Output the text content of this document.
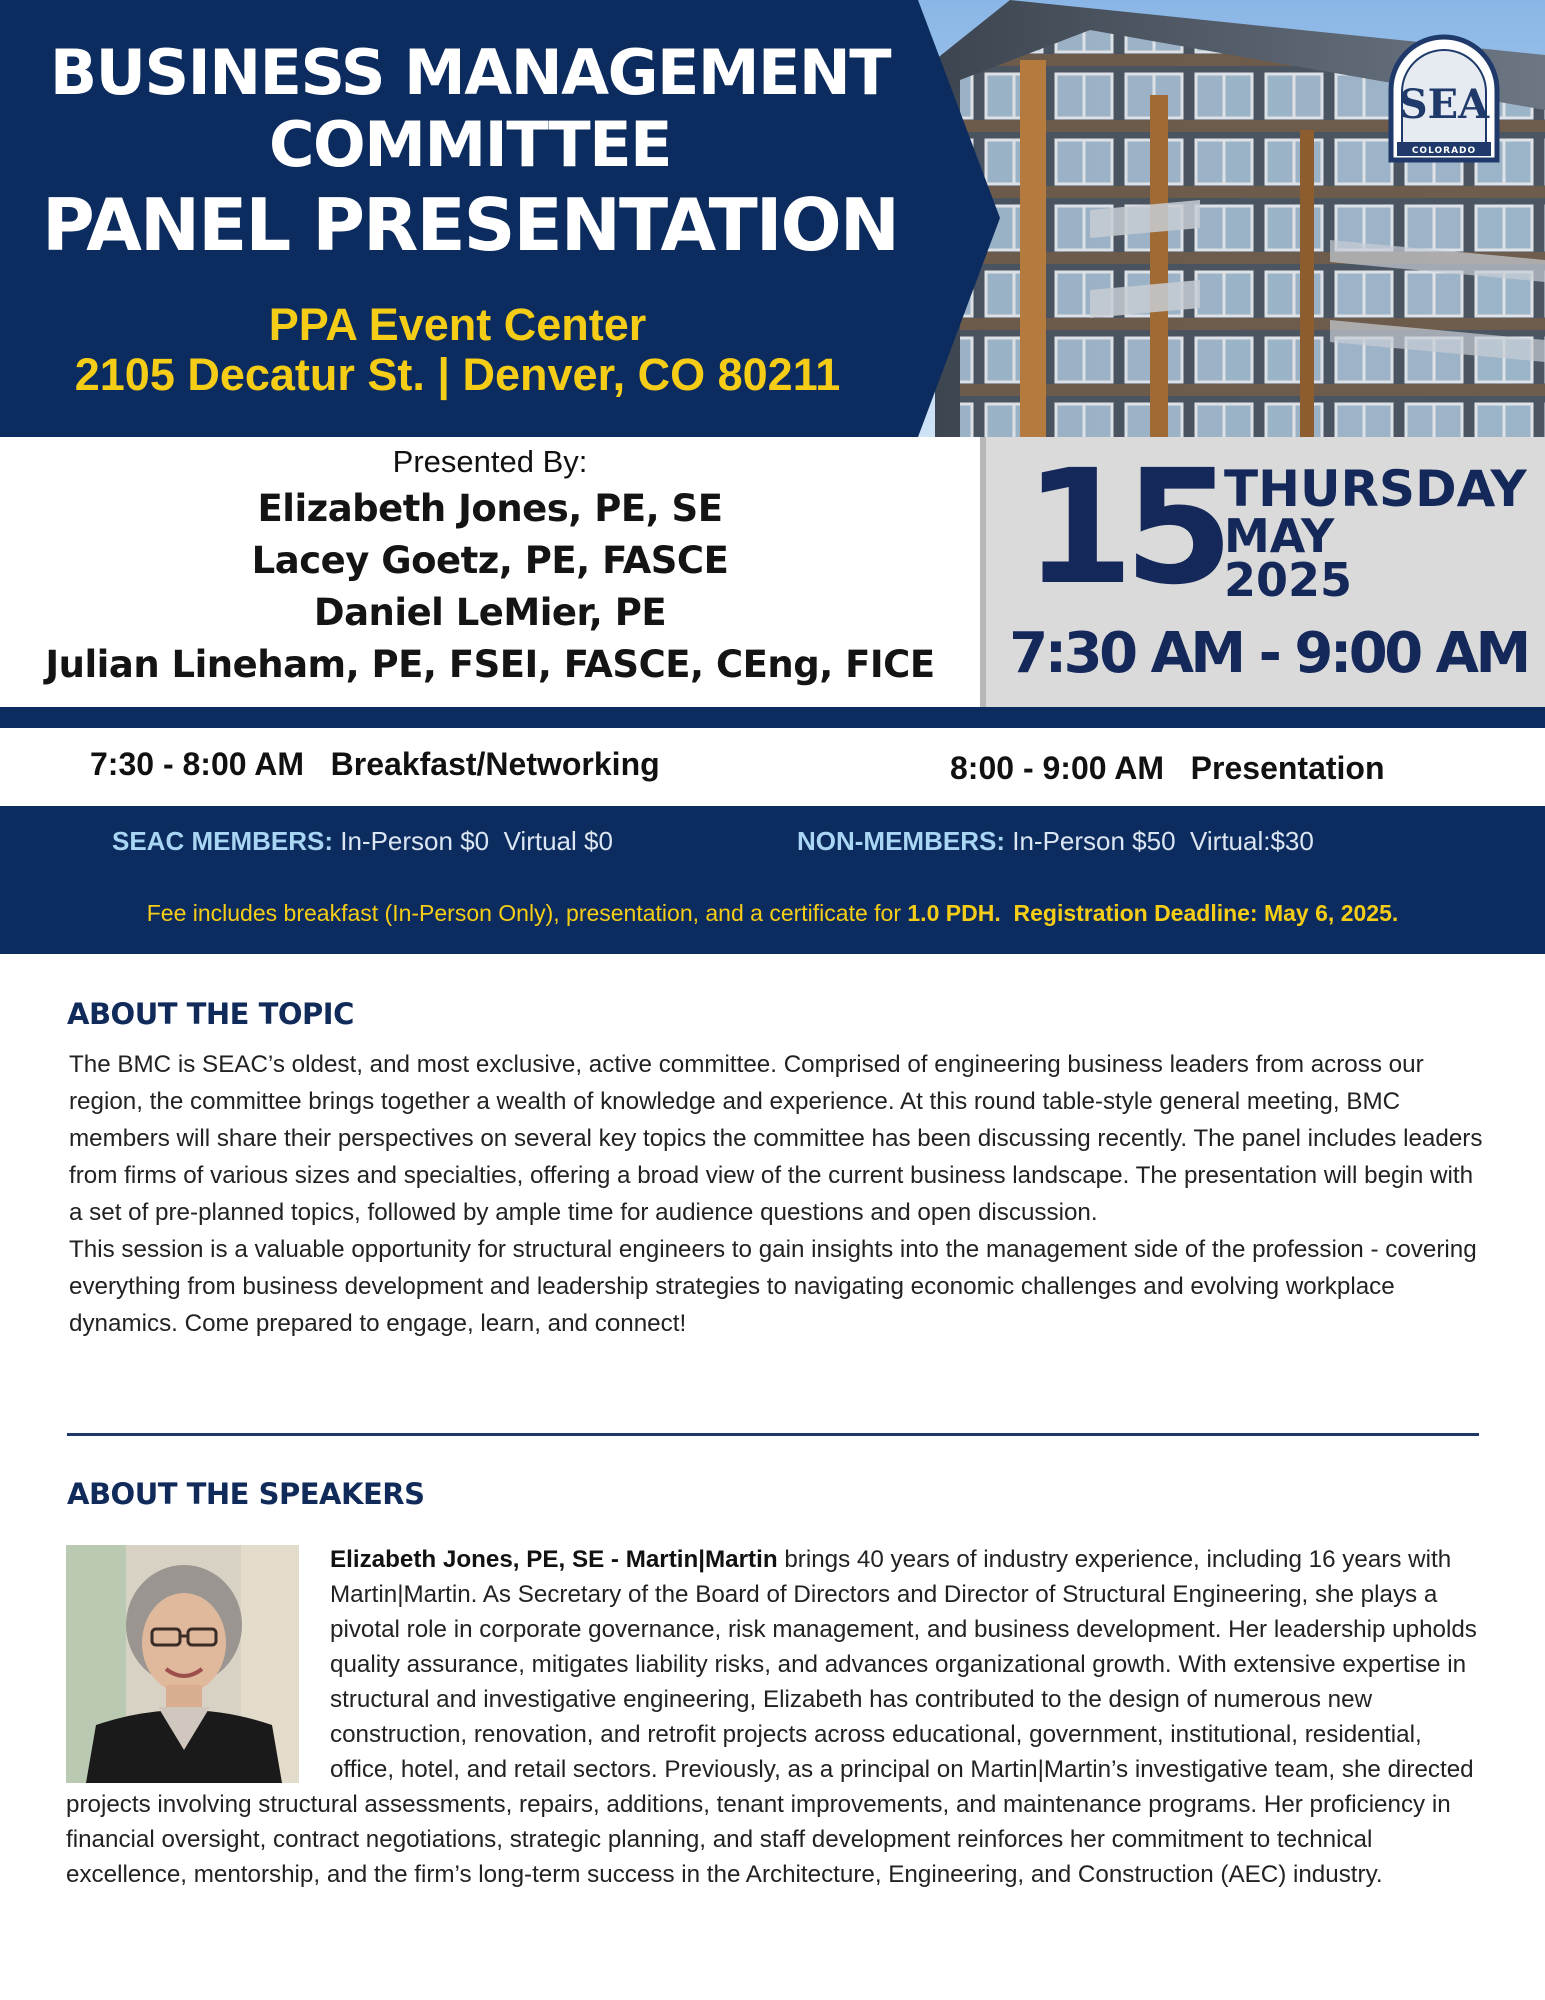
BUSINESS MANAGEMENT
COMMITTEE
PANEL PRESENTATION
PPA Event Center
2105 Decatur St. | Denver, CO 80211
SEA
COLORADO
Presented By:
Elizabeth Jones, PE, SE
Lacey Goetz, PE, FASCE
Daniel LeMier, PE
Julian Lineham, PE, FSEI, FASCE, CEng, FICE
15 THURSDAY
MAY
2025
7:30 AM - 9:00 AM
7:30 - 8:00 AM Breakfast/Networking	8:00 - 9:00 AM Presentation
SEAC MEMBERS: In-Person $0  Virtual $0	NON-MEMBERS: In-Person $50  Virtual:$30
Fee includes breakfast (In-Person Only), presentation, and a certificate for 1.0 PDH. Registration Deadline: May 6, 2025.
ABOUT THE TOPIC

The BMC is SEAC’s oldest, and most exclusive, active committee. Comprised of engineering business leaders from across our region, the committee brings together a wealth of knowledge and experience. At this round table-style general meeting, BMC members will share their perspectives on several key topics the committee has been discussing recently. The panel includes leaders from firms of various sizes and specialties, offering a broad view of the current business landscape. The presentation will begin with a set of pre-planned topics, followed by ample time for audience questions and open discussion.

This session is a valuable opportunity for structural engineers to gain insights into the management side of the profession - covering everything from business development and leadership strategies to navigating economic challenges and evolving workplace dynamics. Come prepared to engage, learn, and connect!

ABOUT THE SPEAKERS
Elizabeth Jones, PE, SE - Martin|Martin brings 40 years of industry experience, including 16 years with Martin|Martin. As Secretary of the Board of Directors and Director of Structural Engineering, she plays a pivotal role in corporate governance, risk management, and business development. Her leadership upholds quality assurance, mitigates liability risks, and advances organizational growth. With extensive expertise in structural and investigative engineering, Elizabeth has contributed to the design of numerous new construction, renovation, and retrofit projects across educational, government, institutional, residential, office, hotel, and retail sectors. Previously, as a principal on Martin|Martin’s investigative team, she directed projects involving structural assessments, repairs, additions, tenant improvements, and maintenance programs. Her proficiency in financial oversight, contract negotiations, strategic planning, and staff development reinforces her commitment to technical excellence, mentorship, and the firm’s long-term success in the Architecture, Engineering, and Construction (AEC) industry.
